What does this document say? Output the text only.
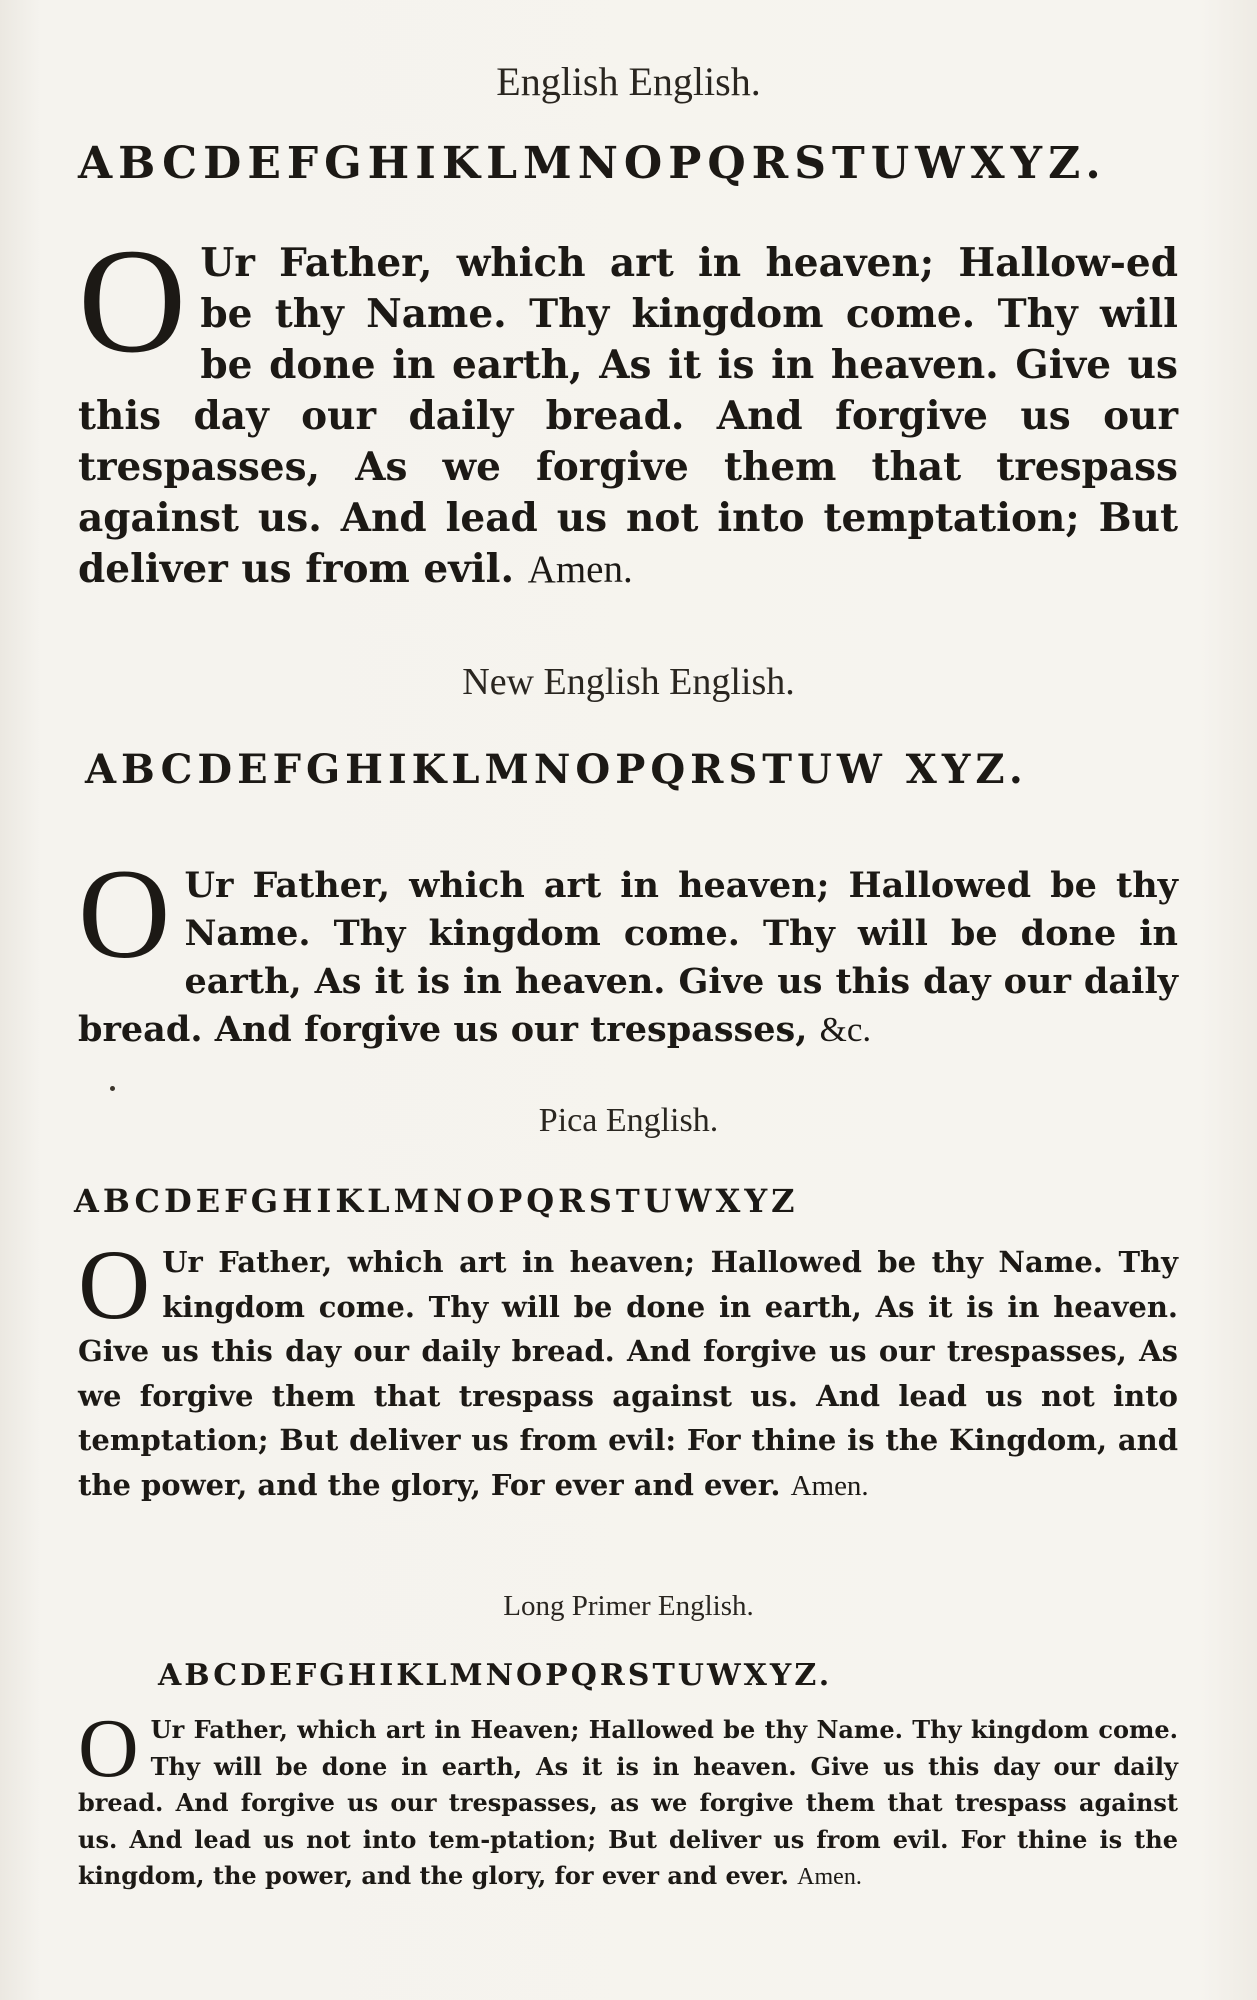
English English.
ABCDEFGHIKLMNOPQRSTUWXYZ.
O Ur Father, which art in heaven; Hallow-ed be thy Name. Thy kingdom come. Thy will be done in earth, As it is in heaven. Give us this day our daily bread. And forgive us our trespasses, As we forgive them that trespass against us. And lead us not into temptation; But deliver us from evil. Amen.
New English English.
ABCDEFGHIKLMNOPQRSTUW XYZ.
O Ur Father, which art in heaven; Hallowed be thy Name. Thy kingdom come. Thy will be done in earth, As it is in heaven. Give us this day our daily bread. And forgive us our trespasses, &c.
Pica English.
ABCDEFGHIKLMNOPQRSTUWXYZ
O Ur Father, which art in heaven; Hallowed be thy Name. Thy kingdom come. Thy will be done in earth, As it is in heaven. Give us this day our daily bread. And forgive us our trespasses, As we forgive them that trespass against us. And lead us not into temptation; But deliver us from evil: For thine is the Kingdom, and the power, and the glory, For ever and ever. Amen.
Long Primer English.
ABCDEFGHIKLMNOPQRSTUWXYZ.
O Ur Father, which art in Heaven; Hallowed be thy Name. Thy kingdom come. Thy will be done in earth, As it is in heaven. Give us this day our daily bread. And forgive us our trespasses, as we forgive them that trespass against us. And lead us not into tem-ptation; But deliver us from evil. For thine is the kingdom, the power, and the glory, for ever and ever. Amen.
